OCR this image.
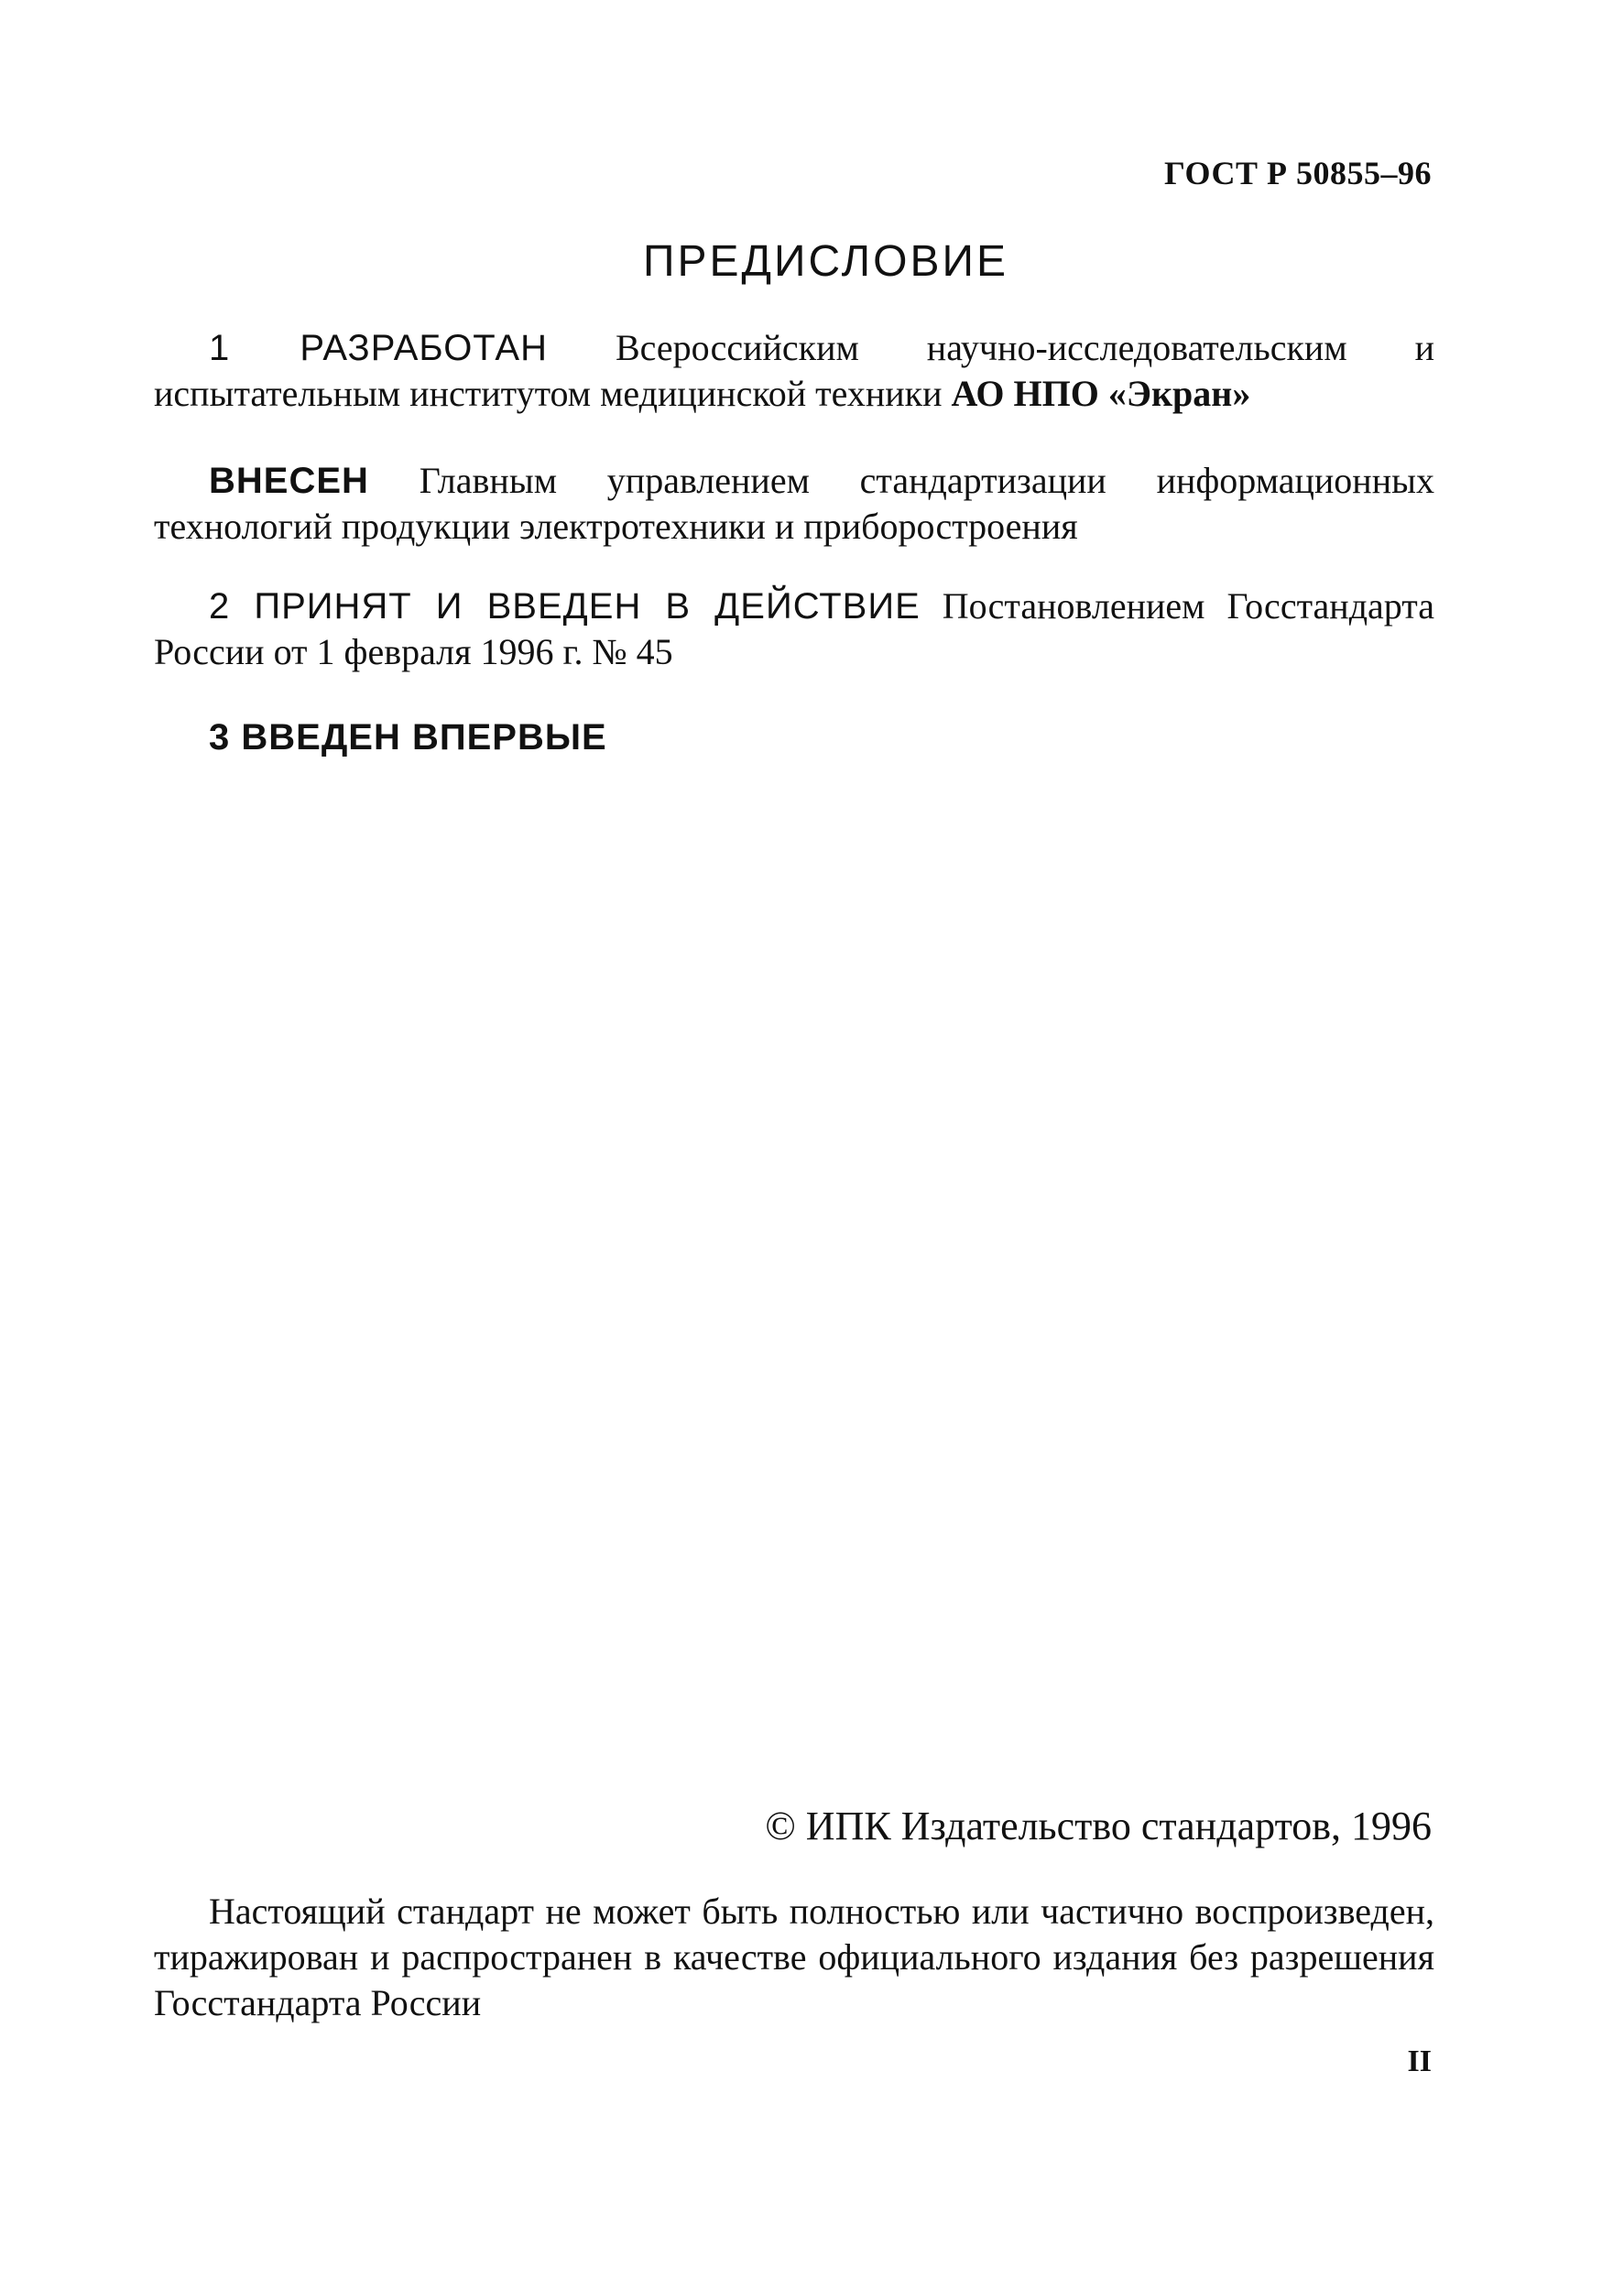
ГОСТ Р 50855–96
ПРЕДИСЛОВИЕ

1 РАЗРАБОТАН Всероссийским научно-исследовательским и испытательным институтом медицинской техники АО НПО «Экран»

ВНЕСЕН Главным управлением стандартизации информационных технологий продукции электротехники и приборостроения

2 ПРИНЯТ И ВВЕДЕН В ДЕЙСТВИЕ Постановлением Госстандарта России от 1 февраля 1996 г. № 45

3 ВВЕДЕН ВПЕРВЫЕ

© ИПК Издательство стандартов, 1996

Настоящий стандарт не может быть полностью или частично воспроизведен, тиражирован и распространен в качестве официального издания без разрешения Госстандарта России

II
